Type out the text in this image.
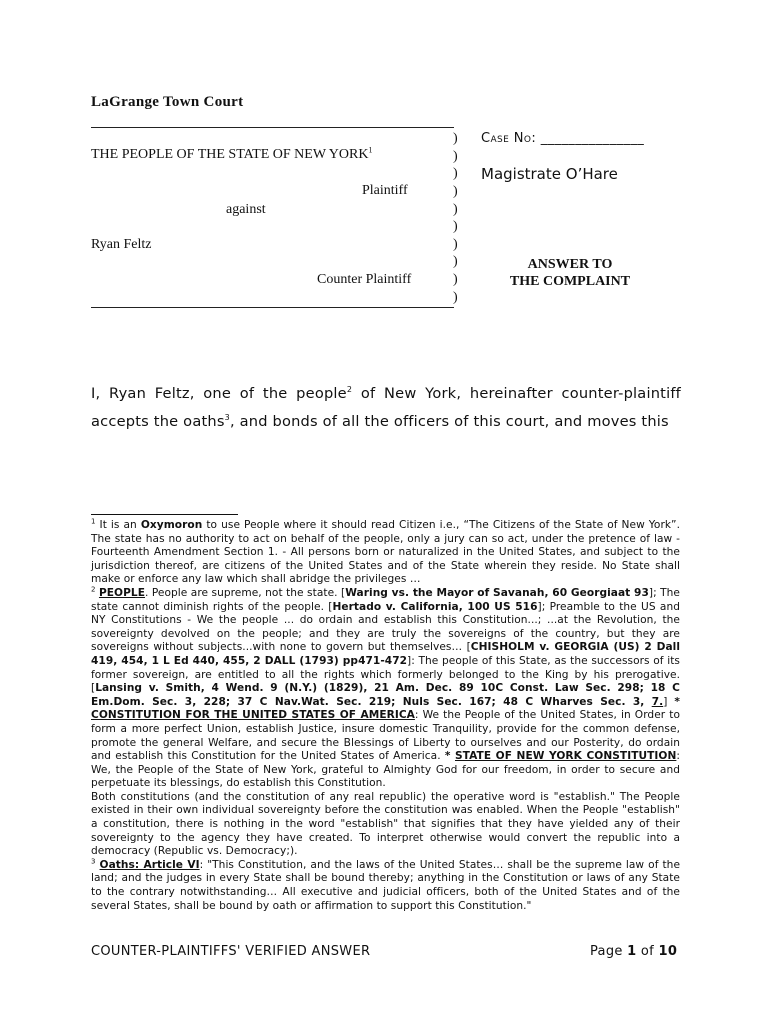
LaGrange Town Court
)
)
)
)
)
)
)
)
)
)
THE PEOPLE OF THE STATE OF NEW YORK$^1$
Plaintiff
against
Ryan Feltz
Counter Plaintiff
Case No: _______________
Magistrate O’Hare
ANSWER TO
THE COMPLAINT
I, Ryan Feltz, one of the people$^2$ of New York, hereinafter counter-plaintiff accepts the oaths$^3$, and bonds of all the officers of this court, and moves this

$^1$ It is an Oxymoron to use People where it should read Citizen i.e., “The Citizens of the State of New York”. The state has no authority to act on behalf of the people, only a jury can so act, under the pretence of law - Fourteenth Amendment Section 1. - All persons born or naturalized in the United States, and subject to the jurisdiction thereof, are citizens of the United States and of the State wherein they reside. No State shall make or enforce any law which shall abridge the privileges …

$^2$ PEOPLE. People are supreme, not the state. [Waring vs. the Mayor of Savanah, 60 Georgiaat 93]; The state cannot diminish rights of the people. [Hertado v. California, 100 US 516]; Preamble to the US and NY Constitutions - We the people ... do ordain and establish this Constitution...; ...at the Revolution, the sovereignty devolved on the people; and they are truly the sovereigns of the country, but they are sovereigns without subjects...with none to govern but themselves… [CHISHOLM v. GEORGIA (US) 2 Dall 419, 454, 1 L Ed 440, 455, 2 DALL (1793) pp471-472]: The people of this State, as the successors of its former sovereign, are entitled to all the rights which formerly belonged to the King by his prerogative. [Lansing v. Smith, 4 Wend. 9 (N.Y.) (1829), 21 Am. Dec. 89 10C Const. Law Sec. 298; 18 C Em.Dom. Sec. 3, 228; 37 C Nav.Wat. Sec. 219; Nuls Sec. 167; 48 C Wharves Sec. 3, 7.] * CONSTITUTION FOR THE UNITED STATES OF AMERICA: We the People of the United States, in Order to form a more perfect Union, establish Justice, insure domestic Tranquility, provide for the common defense, promote the general Welfare, and secure the Blessings of Liberty to ourselves and our Posterity, do ordain and establish this Constitution for the United States of America. * STATE OF NEW YORK CONSTITUTION: We, the People of the State of New York, grateful to Almighty God for our freedom, in order to secure and perpetuate its blessings, do establish this Constitution.

Both constitutions (and the constitution of any real republic) the operative word is "establish." The People existed in their own individual sovereignty before the constitution was enabled. When the People "establish" a constitution, there is nothing in the word "establish" that signifies that they have yielded any of their sovereignty to the agency they have created. To interpret otherwise would convert the republic into a democracy (Republic vs. Democracy;).

$^3$ Oaths: Article VI: "This Constitution, and the laws of the United States… shall be the supreme law of the land; and the judges in every State shall be bound thereby; anything in the Constitution or laws of any State to the contrary notwithstanding… All executive and judicial officers, both of the United States and of the several States, shall be bound by oath or affirmation to support this Constitution."

COUNTER-PLAINTIFFS' VERIFIED ANSWER	Page 1 of 10
